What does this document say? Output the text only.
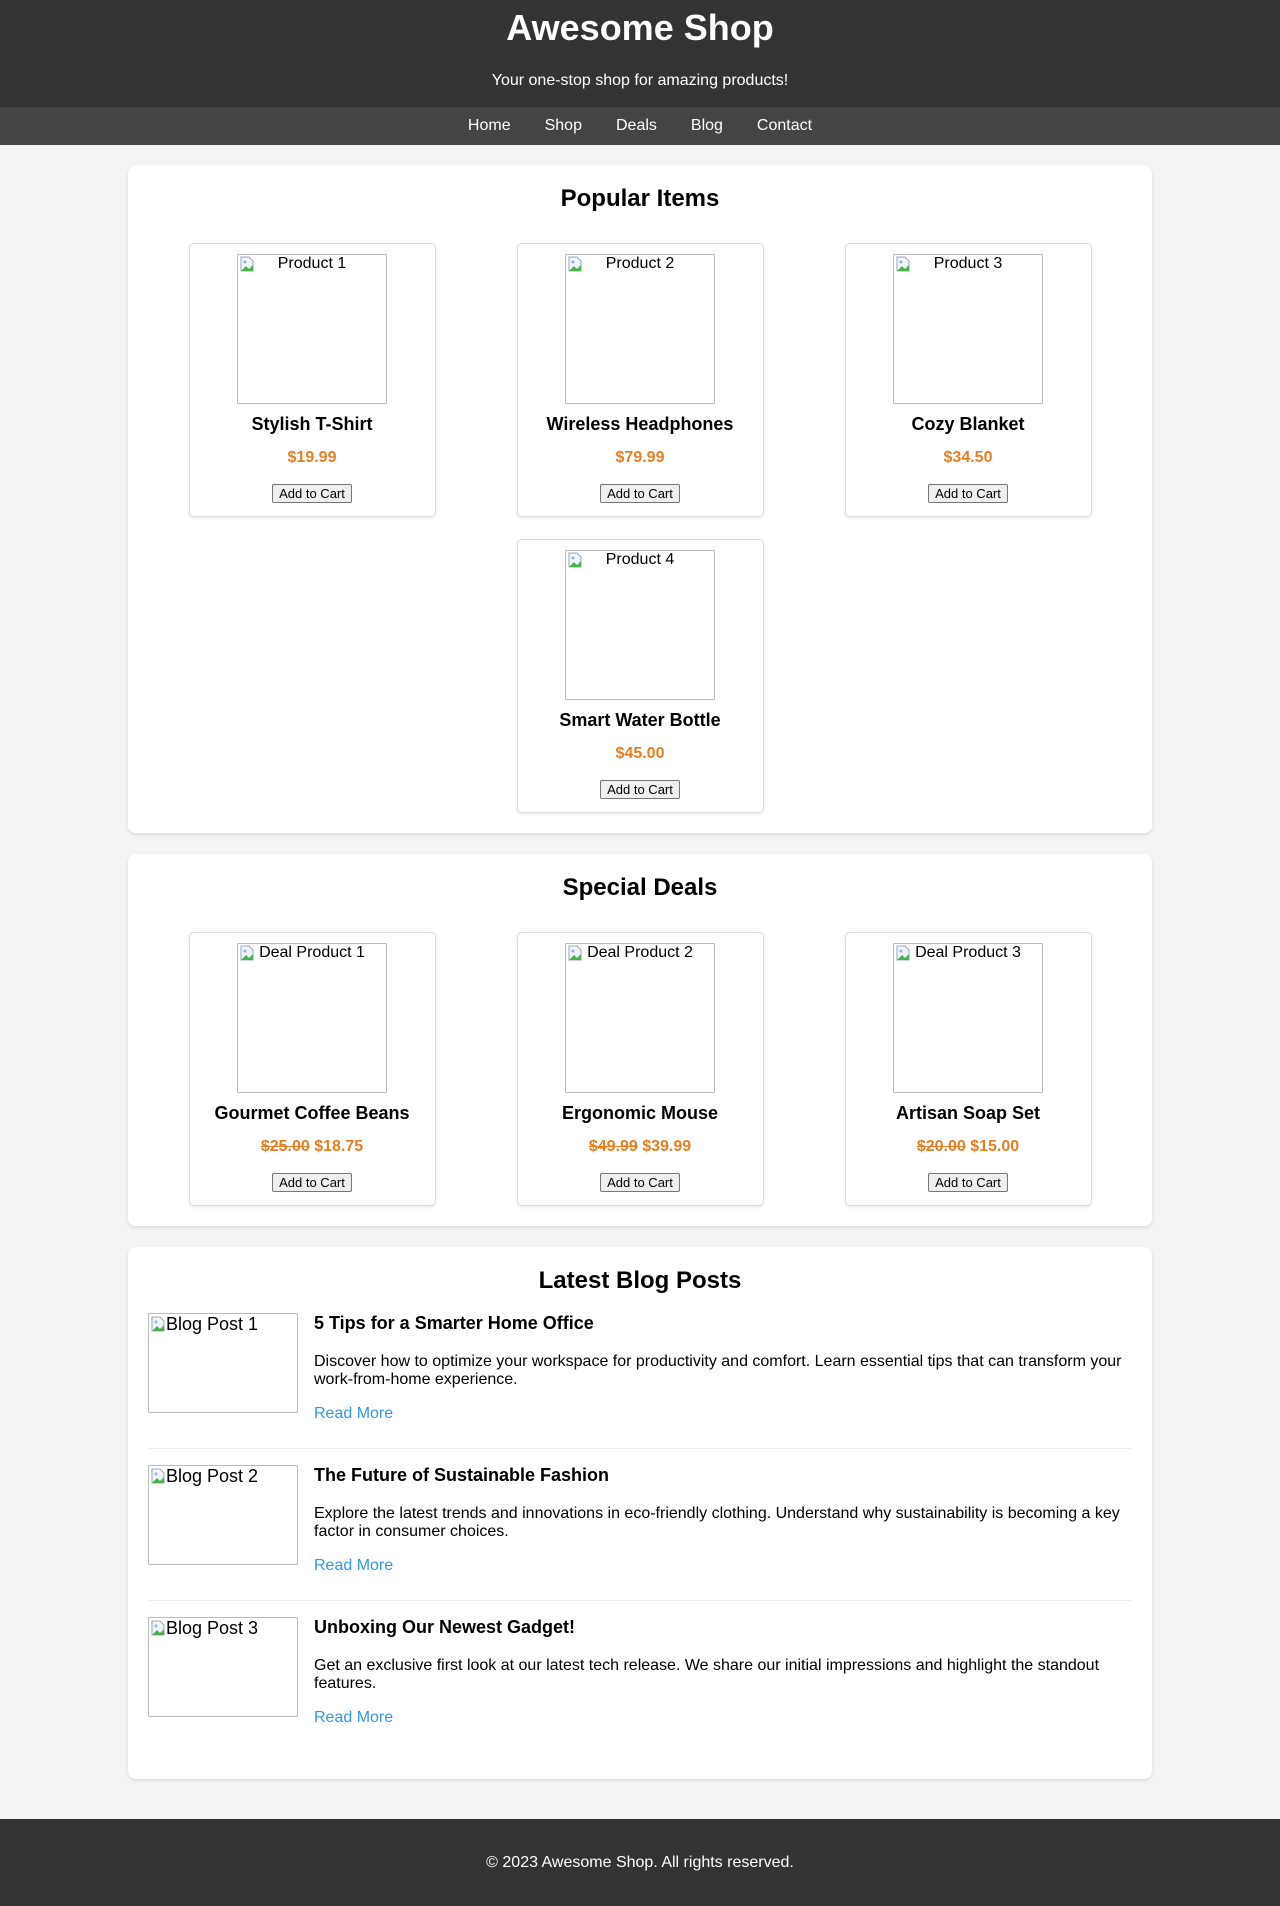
Awesome Shop

Your one-stop shop for amazing products!

Home Shop Deals Blog Contact
Popular Items
Product 1
Stylish T-Shirt
$19.99
Add to Cart
Product 2
Wireless Headphones
$79.99
Add to Cart
Product 3
Cozy Blanket
$34.50
Add to Cart
Product 4
Smart Water Bottle
$45.00
Add to Cart
Special Deals
Deal Product 1
Gourmet Coffee Beans
$25.00 $18.75
Add to Cart
Deal Product 2
Ergonomic Mouse
$49.99 $39.99
Add to Cart
Deal Product 3
Artisan Soap Set
$20.00 $15.00
Add to Cart
Latest Blog Posts
Blog Post 1	5 Tips for a Smarter Home Office

Discover how to optimize your workspace for productivity and comfort. Learn essential tips that can transform your work-from-home experience.

Read More
Blog Post 2	The Future of Sustainable Fashion

Explore the latest trends and innovations in eco-friendly clothing. Understand why sustainability is becoming a key factor in consumer choices.

Read More
Blog Post 3	Unboxing Our Newest Gadget!

Get an exclusive first look at our latest tech release. We share our initial impressions and highlight the standout features.

Read More
© 2023 Awesome Shop. All rights reserved.
